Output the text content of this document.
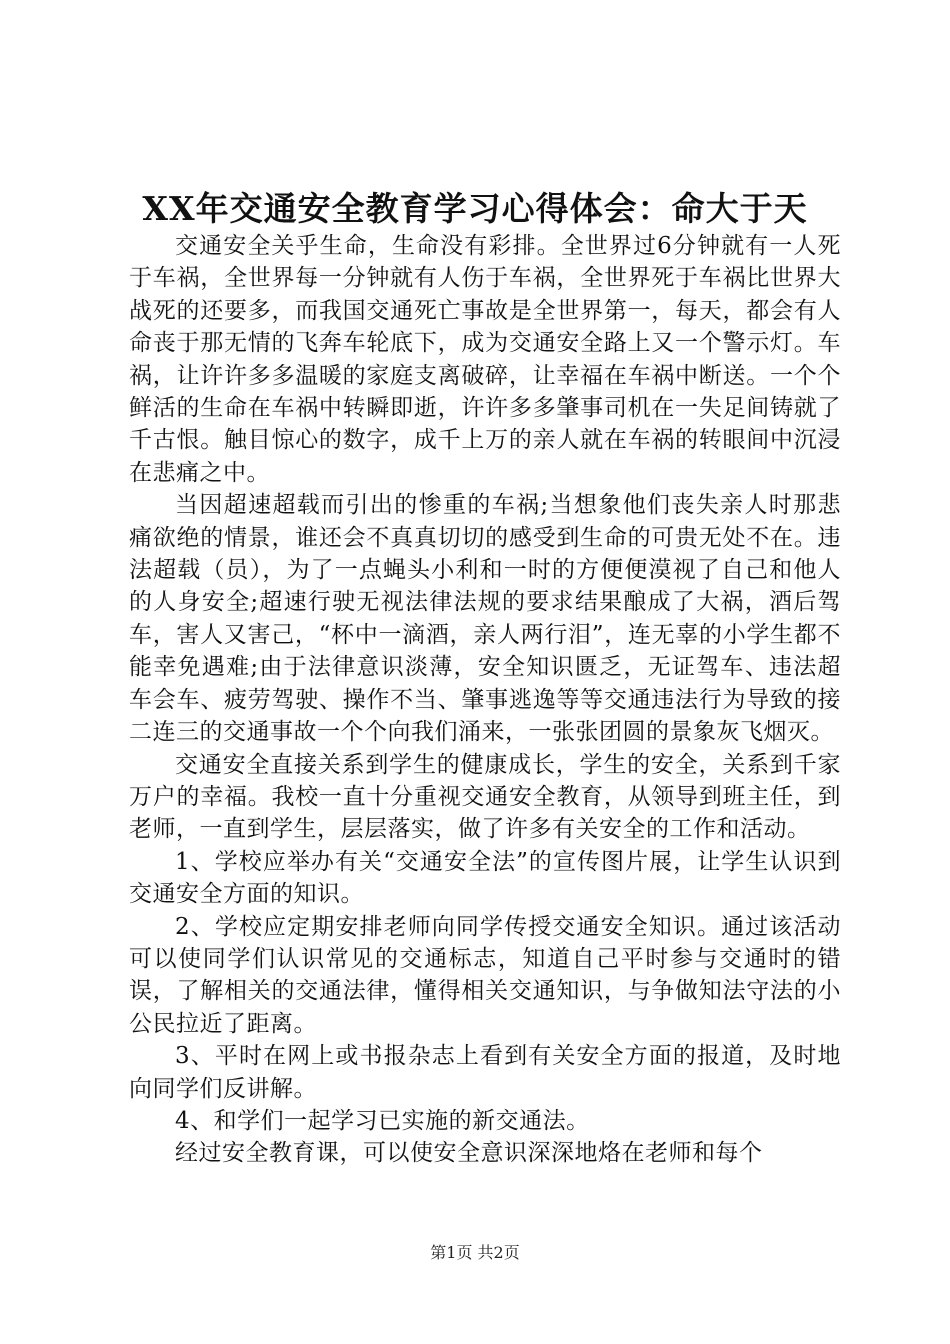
XX年交通安全教育学习心得体会：命大于天

交通安全关乎生命，生命没有彩排。全世界过6分钟就有一人死于车祸，全世界每一分钟就有人伤于车祸，全世界死于车祸比世界大战死的还要多，而我国交通死亡事故是全世界第一，每天，都会有人命丧于那无情的飞奔车轮底下，成为交通安全路上又一个警示灯。车祸，让许许多多温暖的家庭支离破碎，让幸福在车祸中断送。一个个鲜活的生命在车祸中转瞬即逝，许许多多肇事司机在一失足间铸就了千古恨。触目惊心的数字，成千上万的亲人就在车祸的转眼间中沉浸在悲痛之中。

当因超速超载而引出的惨重的车祸;当想象他们丧失亲人时那悲痛欲绝的情景，谁还会不真真切切的感受到生命的可贵无处不在。违法超载（员），为了一点蝇头小利和一时的方便便漠视了自己和他人的人身安全;超速行驶无视法律法规的要求结果酿成了大祸，酒后驾车，害人又害己，“杯中一滴酒，亲人两行泪”，连无辜的小学生都不能幸免遇难;由于法律意识淡薄，安全知识匮乏，无证驾车、违法超车会车、疲劳驾驶、操作不当、肇事逃逸等等交通违法行为导致的接二连三的交通事故一个个向我们涌来，一张张团圆的景象灰飞烟灭。

交通安全直接关系到学生的健康成长，学生的安全，关系到千家万户的幸福。我校一直十分重视交通安全教育，从领导到班主任，到老师，一直到学生，层层落实，做了许多有关安全的工作和活动。

1、学校应举办有关“交通安全法”的宣传图片展，让学生认识到交通安全方面的知识。

2、学校应定期安排老师向同学传授交通安全知识。通过该活动可以使同学们认识常见的交通标志，知道自己平时参与交通时的错误，了解相关的交通法律，懂得相关交通知识，与争做知法守法的小公民拉近了距离。

3、平时在网上或书报杂志上看到有关安全方面的报道，及时地向同学们反讲解。

4、和学们一起学习已实施的新交通法。

经过安全教育课，可以使安全意识深深地烙在老师和每个

第1页 共2页
